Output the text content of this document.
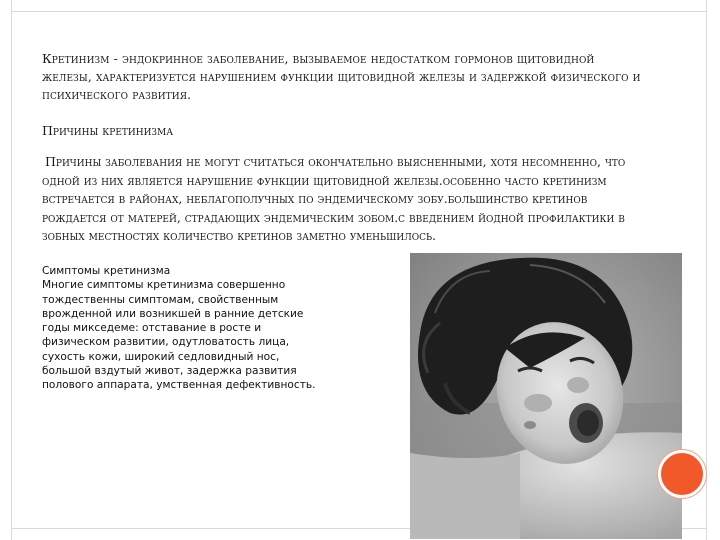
Кретинизм - эндокринное заболевание, вызываемое недостатком гормонов щитовидной железы, характеризуется нарушением функции щитовидной железы и задержкой физического и психического развития.
Причины кретинизма
Причины заболевания не могут считаться окончательно выясненными, хотя несомненно, что одной из них является нарушение функции щитовидной железы.особенно часто кретинизм встречается в районах, неблагополучных по эндемическому зобу.большинство кретинов рождается от матерей, страдающих эндемическим зобом.с введением йодной профилактики в зобных местностях количество кретинов заметно уменьшилось.

Симптомы кретинизма

Многие симптомы кретинизма совершенно тождественны симптомам, свойственным врожденной или возникшей в ранние детские годы микседеме: отставание в росте и физическом развитии, одутловатость лица, сухость кожи, широкий седловидный нос, большой вздутый живот, задержка развития полового аппарата, умственная дефективность.
